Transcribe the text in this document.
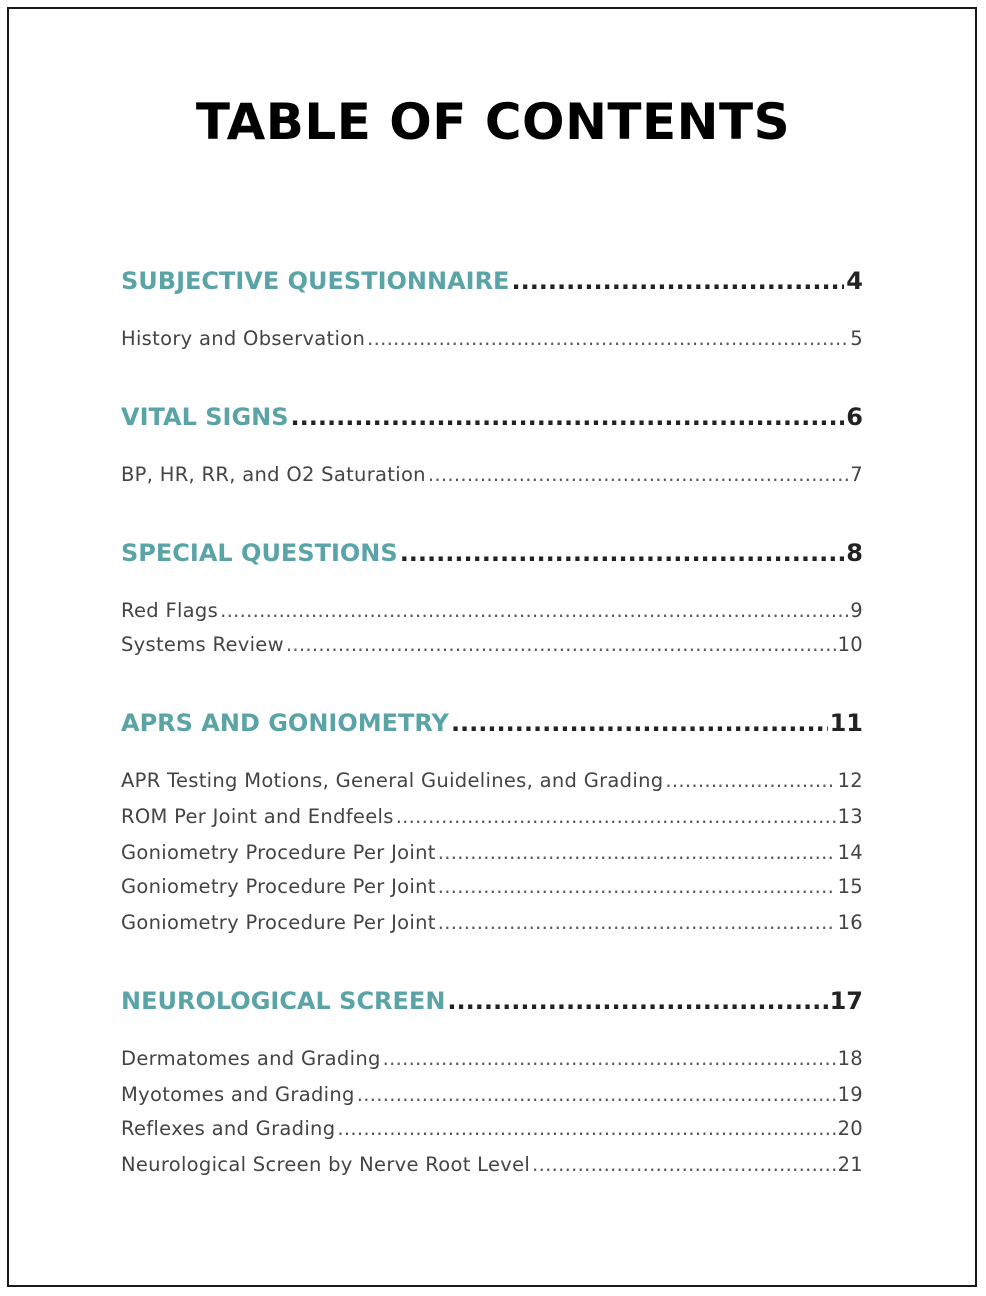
TABLE OF CONTENTS
SUBJECTIVE QUESTIONNAIRE .....	4
History and Observation .....	5
VITAL SIGNS .....	6
BP, HR, RR, and O2 Saturation .....	7
SPECIAL QUESTIONS .....	8
Red Flags .....	9
Systems Review .....	10
APRS AND GONIOMETRY .....	11
APR Testing Motions, General Guidelines, and Grading .....	12
ROM Per Joint and Endfeels .....	13
Goniometry Procedure Per Joint .....	14
Goniometry Procedure Per Joint .....	15
Goniometry Procedure Per Joint .....	16
NEUROLOGICAL SCREEN .....	17
Dermatomes and Grading .....	18
Myotomes and Grading .....	19
Reflexes and Grading .....	20
Neurological Screen by Nerve Root Level .....	21
